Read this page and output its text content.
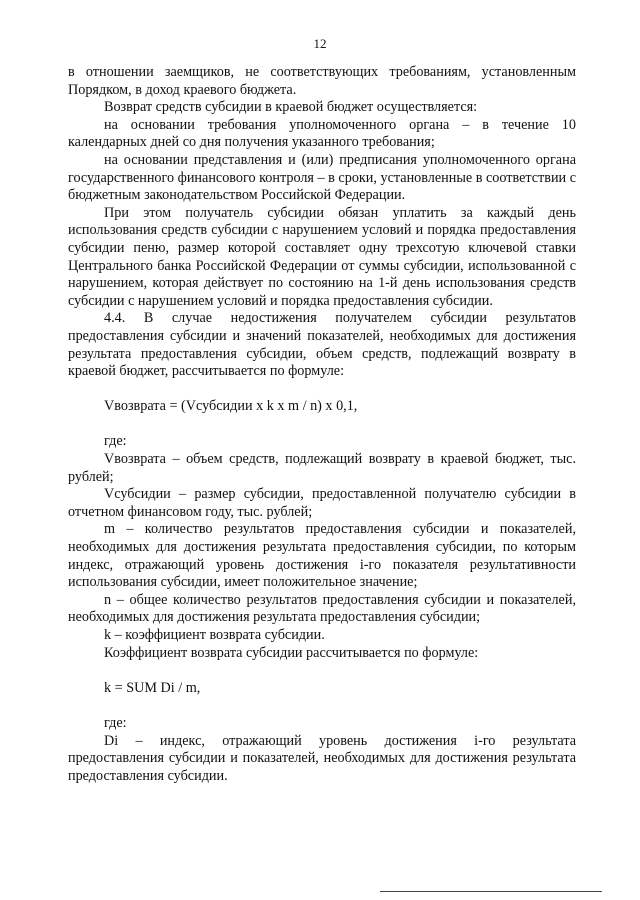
12

в отношении заемщиков, не соответствующих требованиям, установленным Порядком, в доход краевого бюджета.

Возврат средств субсидии в краевой бюджет осуществляется:

на основании требования уполномоченного органа – в течение 10 календарных дней со дня получения указанного требования;

на основании представления и (или) предписания уполномоченного органа государственного финансового контроля – в сроки, установленные в соответствии с бюджетным законодательством Российской Федерации.

При этом получатель субсидии обязан уплатить за каждый день использования средств субсидии с нарушением условий и порядка предоставления субсидии пеню, размер которой составляет одну трехсотую ключевой ставки Центрального банка Российской Федерации от суммы субсидии, использованной с нарушением, которая действует по состоянию на 1-й день использования средств субсидии с нарушением условий и порядка предоставления субсидии.

4.4. В случае недостижения получателем субсидии результатов предоставления субсидии и значений показателей, необходимых для достижения результата предоставления субсидии, объем средств, подлежащий возврату в краевой бюджет, рассчитывается по формуле:

Vвозврата = (Vсубсидии x k x m / n) x 0,1,

где:

Vвозврата – объем средств, подлежащий возврату в краевой бюджет, тыс. рублей;

Vсубсидии – размер субсидии, предоставленной получателю субсидии в отчетном финансовом году, тыс. рублей;

m – количество результатов предоставления субсидии и показателей, необходимых для достижения результата предоставления субсидии, по которым индекс, отражающий уровень достижения i-го показателя результативности использования субсидии, имеет положительное значение;

n – общее количество результатов предоставления субсидии и показателей, необходимых для достижения результата предоставления субсидии;

k – коэффициент возврата субсидии.

Коэффициент возврата субсидии рассчитывается по формуле:

k = SUM Di / m,

где:

Di – индекс, отражающий уровень достижения i-го результата предоставления субсидии и показателей, необходимых для достижения результата предоставления субсидии.
